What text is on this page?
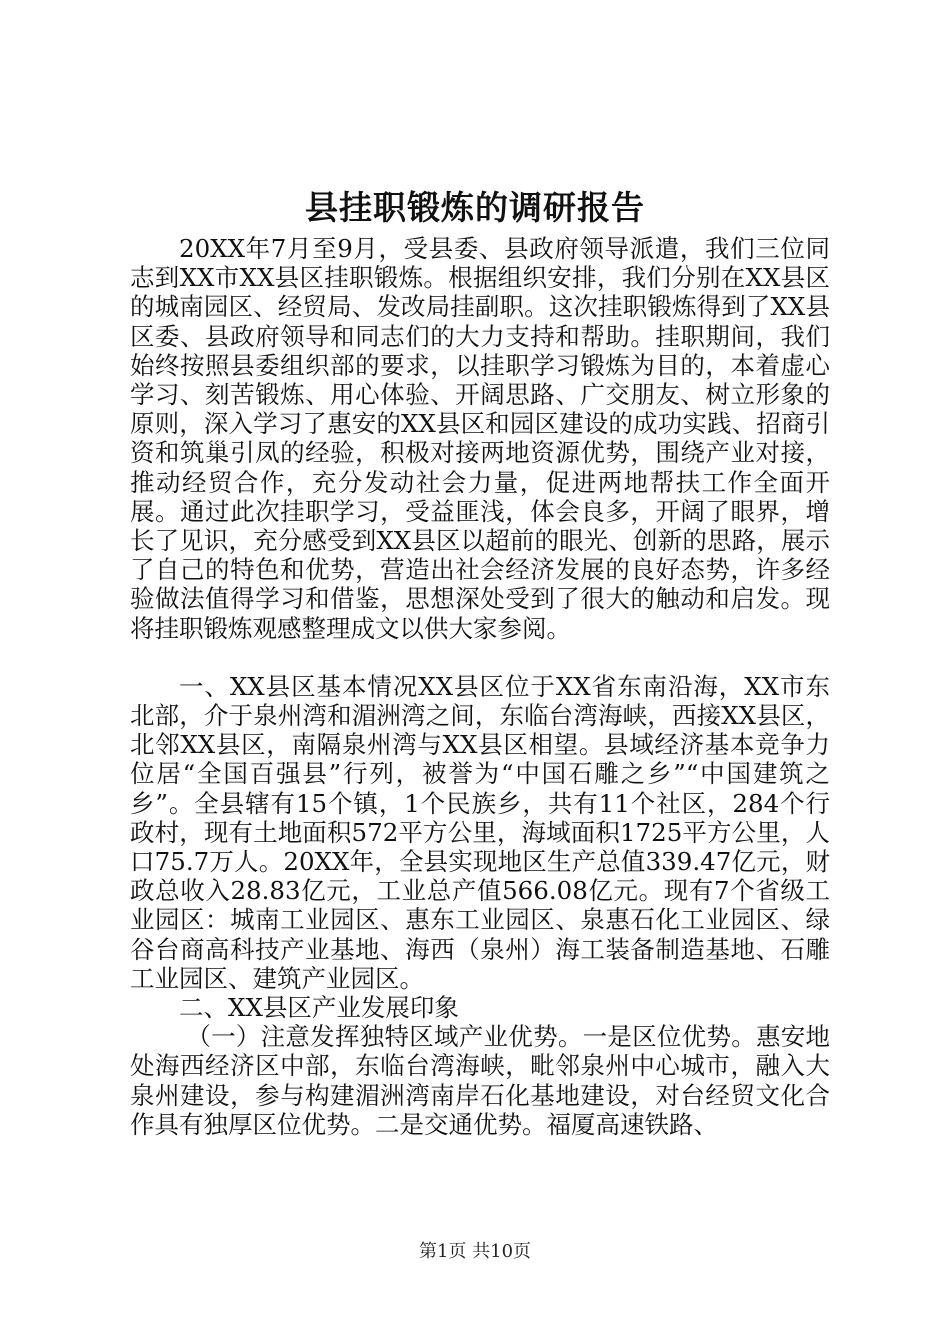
县挂职锻炼的调研报告

20XX年7月至9月，受县委、县政府领导派遣，我们三位同志到XX市XX县区挂职锻炼。根据组织安排，我们分别在XX县区的城南园区、经贸局、发改局挂副职。这次挂职锻炼得到了XX县区委、县政府领导和同志们的大力支持和帮助。挂职期间，我们始终按照县委组织部的要求，以挂职学习锻炼为目的，本着虚心学习、刻苦锻炼、用心体验、开阔思路、广交朋友、树立形象的原则，深入学习了惠安的XX县区和园区建设的成功实践、招商引资和筑巢引凤的经验，积极对接两地资源优势，围绕产业对接，推动经贸合作，充分发动社会力量，促进两地帮扶工作全面开展。通过此次挂职学习，受益匪浅，体会良多，开阔了眼界，增长了见识，充分感受到XX县区以超前的眼光、创新的思路，展示了自己的特色和优势，营造出社会经济发展的良好态势，许多经验做法值得学习和借鉴，思想深处受到了很大的触动和启发。现将挂职锻炼观感整理成文以供大家参阅。

一、XX县区基本情况XX县区位于XX省东南沿海，XX市东北部，介于泉州湾和湄洲湾之间，东临台湾海峡，西接XX县区，北邻XX县区，南隔泉州湾与XX县区相望。县域经济基本竞争力位居“全国百强县”行列，被誉为“中国石雕之乡”“中国建筑之乡”。全县辖有15个镇，1个民族乡，共有11个社区，284个行政村，现有土地面积572平方公里，海域面积1725平方公里，人口75.7万人。20XX年，全县实现地区生产总值339.47亿元，财政总收入28.83亿元，工业总产值566.08亿元。现有7个省级工业园区：城南工业园区、惠东工业园区、泉惠石化工业园区、绿谷台商高科技产业基地、海西（泉州）海工装备制造基地、石雕工业园区、建筑产业园区。

二、XX县区产业发展印象

（一）注意发挥独特区域产业优势。一是区位优势。惠安地处海西经济区中部，东临台湾海峡，毗邻泉州中心城市，融入大泉州建设，参与构建湄洲湾南岸石化基地建设，对台经贸文化合作具有独厚区位优势。二是交通优势。福厦高速铁路、

第1页 共10页
